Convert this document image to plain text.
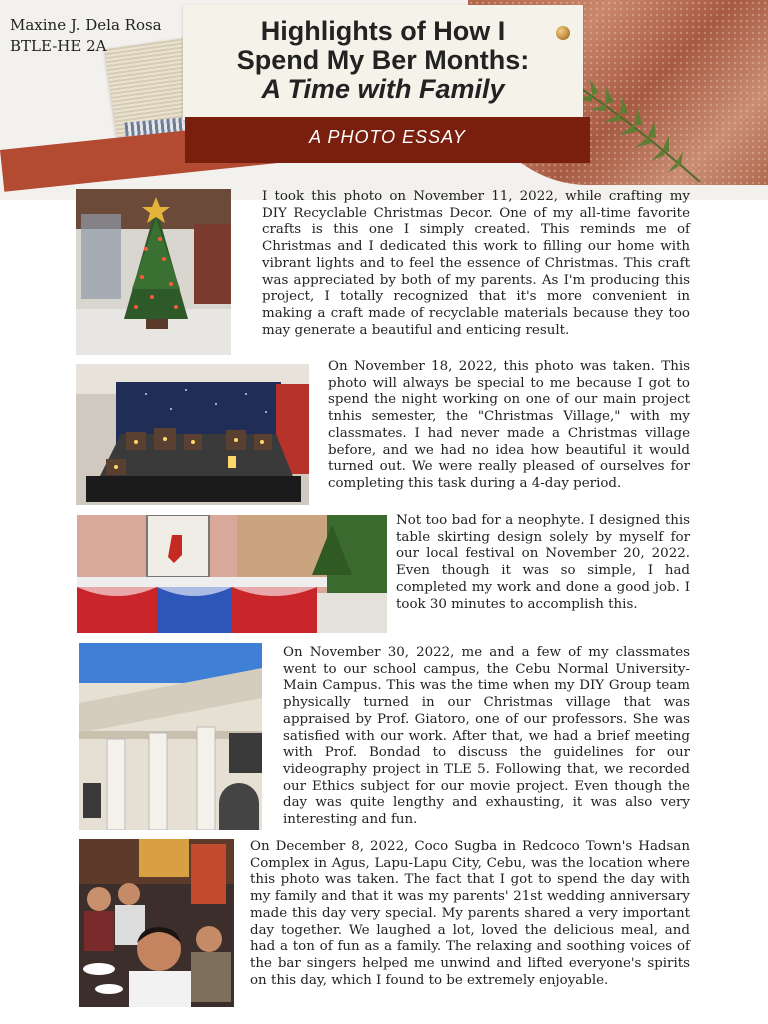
Highlights of How I
Spend My Ber Months:
A Time with Family
A PHOTO ESSAY
Maxine J. Dela Rosa
BTLE-HE 2A

I took this photo on November 11, 2022, while crafting my DIY Recyclable Christmas Decor. One of my all-time favorite crafts is this one I simply created. This reminds me of Christmas and I dedicated this work to filling our home with vibrant lights and to feel the essence of Christmas. This craft was appreciated by both of my parents. As I'm producing this project, I totally recognized that it's more convenient in making a craft made of recyclable materials because they too may generate a beautiful and enticing result.

On November 18, 2022, this photo was taken. This photo will always be special to me because I got to spend the night working on one of our main project tnhis semester, the "Christmas Village," with my classmates. I had never made a Christmas village before, and we had no idea how beautiful it would turned out. We were really pleased of ourselves for completing this task during a 4-day period.

Not too bad for a neophyte. I designed this table skirting design solely by myself for our local festival on November 20, 2022. Even though it was so simple, I had completed my work and done a good job. I took 30 minutes to accomplish this.

On November 30, 2022, me and a few of my classmates went to our school campus, the Cebu Normal University-Main Campus. This was the time when my DIY Group team physically turned in our Christmas village that was appraised by Prof. Giatoro, one of our professors. She was satisfied with our work. After that, we had a brief meeting with Prof. Bondad to discuss the guidelines for our videography project in TLE 5. Following that, we recorded our Ethics subject for our movie project. Even though the day was quite lengthy and exhausting, it was also very interesting and fun.

On December 8, 2022, Coco Sugba in Redcoco Town's Hadsan Complex in Agus, Lapu-Lapu City, Cebu, was the location where this photo was taken. The fact that I got to spend the day with my family and that it was my parents' 21st wedding anniversary made this day very special. My parents shared a very important day together. We laughed a lot, loved the delicious meal, and had a ton of fun as a family. The relaxing and soothing voices of the bar singers helped me unwind and lifted everyone's spirits on this day, which I found to be extremely enjoyable.
